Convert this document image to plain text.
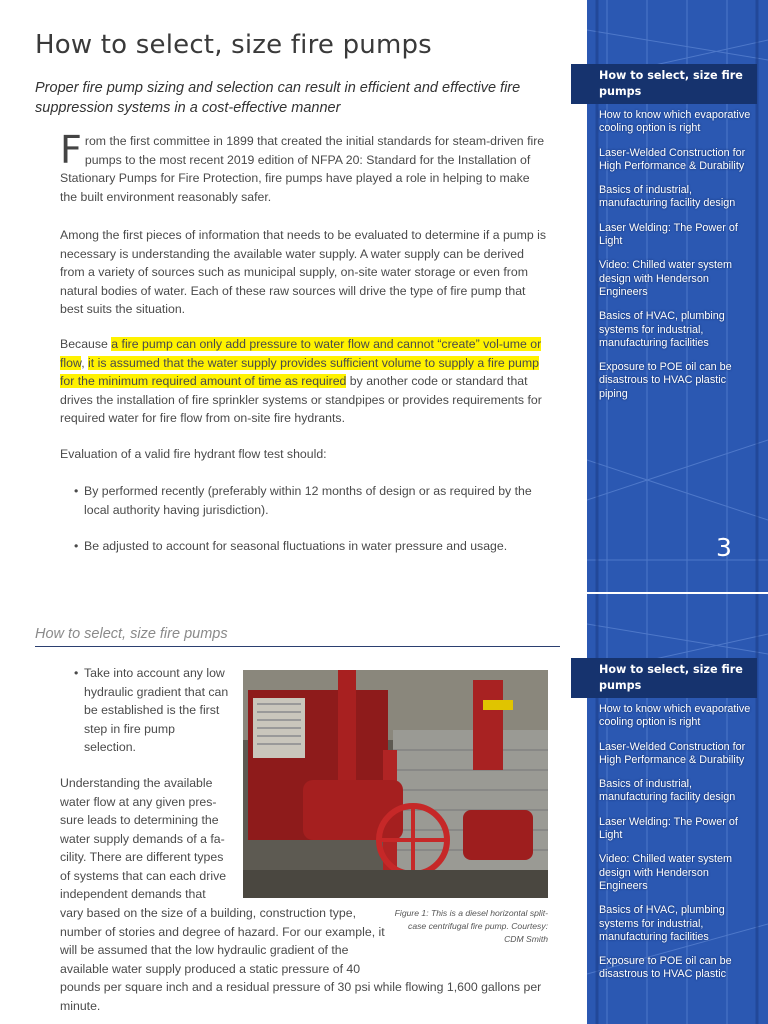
How to select, size fire pumps

Proper fire pump sizing and selection can result in efficient and effective fire suppression systems in a cost-effective manner

From the first committee in 1899 that created the initial standards for steam-driven fire pumps to the most recent 2019 edition of NFPA 20: Standard for the Installation of Stationary Pumps for Fire Protection, fire pumps have played a role in helping to make the built environment reasonably safer.

Among the first pieces of information that needs to be evaluated to determine if a pump is necessary is understanding the available water supply. A water supply can be derived from a variety of sources such as municipal supply, on-site water storage or even from natural bodies of water. Each of these raw sources will drive the type of fire pump that best suits the situation.

Because a fire pump can only add pressure to water flow and cannot “create” vol-ume or flow, it is assumed that the water supply provides sufficient volume to supply a fire pump for the minimum required amount of time as required by another code or standard that drives the installation of fire sprinkler systems or standpipes or provides requirements for required water for fire flow from on-site fire hydrants.

Evaluation of a valid fire hydrant flow test should:

• By performed recently (preferably within 12 months of design or as required by the local authority having jurisdiction).
• Be adjusted to account for seasonal fluctuations in water pressure and usage.
How to select, size fire pumps
• Take into account any low hydraulic gradient that can be established is the first step in fire pump selection.

Understanding the available water flow at any given pres-sure leads to determining the water supply demands of a fa-cility. There are different types of systems that can each drive independent demands that

vary based on the size of a building, construction type, number of stories and degree of hazard. For our example, it will be assumed that the low hydraulic gradient of the available water supply produced a static pressure of 40

pounds per square inch and a residual pressure of 30 psi while flowing 1,600 gallons per minute.

Figure 1: This is a diesel horizontal split-case centrifugal fire pump. Courtesy: CDM Smith

How to select, size fire pumps
How to know which evaporative cooling option is right
Laser-Welded Construction for High Performance & Durability
Basics of industrial, manufacturing facility design
Laser Welding: The Power of Light
Video: Chilled water system design with Henderson Engineers
Basics of HVAC, plumbing systems for industrial, manufacturing facilities
Exposure to POE oil can be disastrous to HVAC plastic piping
3
How to select, size fire pumps
How to know which evaporative cooling option is right
Laser-Welded Construction for High Performance & Durability
Basics of industrial, manufacturing facility design
Laser Welding: The Power of Light
Video: Chilled water system design with Henderson Engineers
Basics of HVAC, plumbing systems for industrial, manufacturing facilities
Exposure to POE oil can be disastrous to HVAC plastic
